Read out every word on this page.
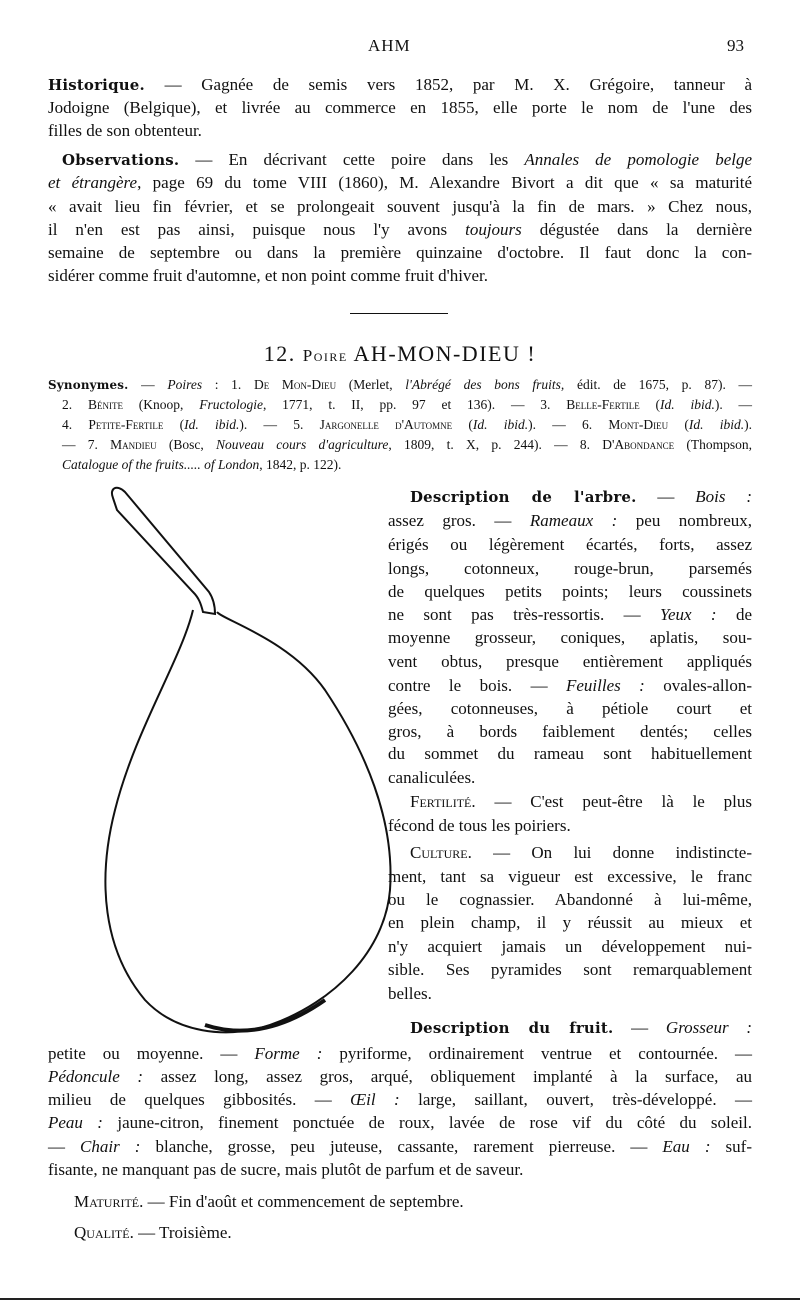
AHM	93
Historique. — Gagnée de semis vers 1852, par M. X. Grégoire, tanneur à
Jodoigne (Belgique), et livrée au commerce en 1855, elle porte le nom de l'une des
filles de son obtenteur.
Observations. — En décrivant cette poire dans les Annales de pomologie belge
et étrangère, page 69 du tome VIII (1860), M. Alexandre Bivort a dit que « sa maturité
« avait lieu fin février, et se prolongeait souvent jusqu'à la fin de mars. » Chez nous,
il n'en est pas ainsi, puisque nous l'y avons toujours dégustée dans la dernière
semaine de septembre ou dans la première quinzaine d'octobre. Il faut donc la con-
sidérer comme fruit d'automne, et non point comme fruit d'hiver.
Synonymes. — Poires : 1. De Mon-Dieu (Merlet, l'Abrégé des bons fruits, édit. de 1675, p. 87). —
2. Bénite (Knoop, Fructologie, 1771, t. II, pp. 97 et 136). — 3. Belle-Fertile (Id. ibid.). —
4. Petite-Fertile (Id. ibid.). — 5. Jargonelle d'Automne (Id. ibid.). — 6. Mont-Dieu (Id. ibid.).
— 7. Mandieu (Bosc, Nouveau cours d'agriculture, 1809, t. X, p. 244). — 8. D'Abondance (Thompson,
Catalogue of the fruits..... of London, 1842, p. 122).
Description de l'arbre. — Bois :
assez gros. — Rameaux : peu nombreux,
érigés ou légèrement écartés, forts, assez
longs, cotonneux, rouge-brun, parsemés
de quelques petits points; leurs coussinets
ne sont pas très-ressortis. — Yeux : de
moyenne grosseur, coniques, aplatis, sou-
vent obtus, presque entièrement appliqués
contre le bois. — Feuilles : ovales-allon-
gées, cotonneuses, à pétiole court et
gros, à bords faiblement dentés; celles
du sommet du rameau sont habituellement
canaliculées.
Fertilité. — C'est peut-être là le plus
fécond de tous les poiriers.
Culture. — On lui donne indistincte-
ment, tant sa vigueur est excessive, le franc
ou le cognassier. Abandonné à lui-même,
en plein champ, il y réussit au mieux et
n'y acquiert jamais un développement nui-
sible. Ses pyramides sont remarquablement
belles.
Description du fruit. — Grosseur :
petite ou moyenne. — Forme : pyriforme, ordinairement ventrue et contournée. —
Pédoncule : assez long, assez gros, arqué, obliquement implanté à la surface, au
milieu de quelques gibbosités. — Œil : large, saillant, ouvert, très-développé. —
Peau : jaune-citron, finement ponctuée de roux, lavée de rose vif du côté du soleil.
— Chair : blanche, grosse, peu juteuse, cassante, rarement pierreuse. — Eau : suf-
fisante, ne manquant pas de sucre, mais plutôt de parfum et de saveur.
Maturité. — Fin d'août et commencement de septembre.
Qualité. — Troisième.
12. Poire AH-MON-DIEU !
